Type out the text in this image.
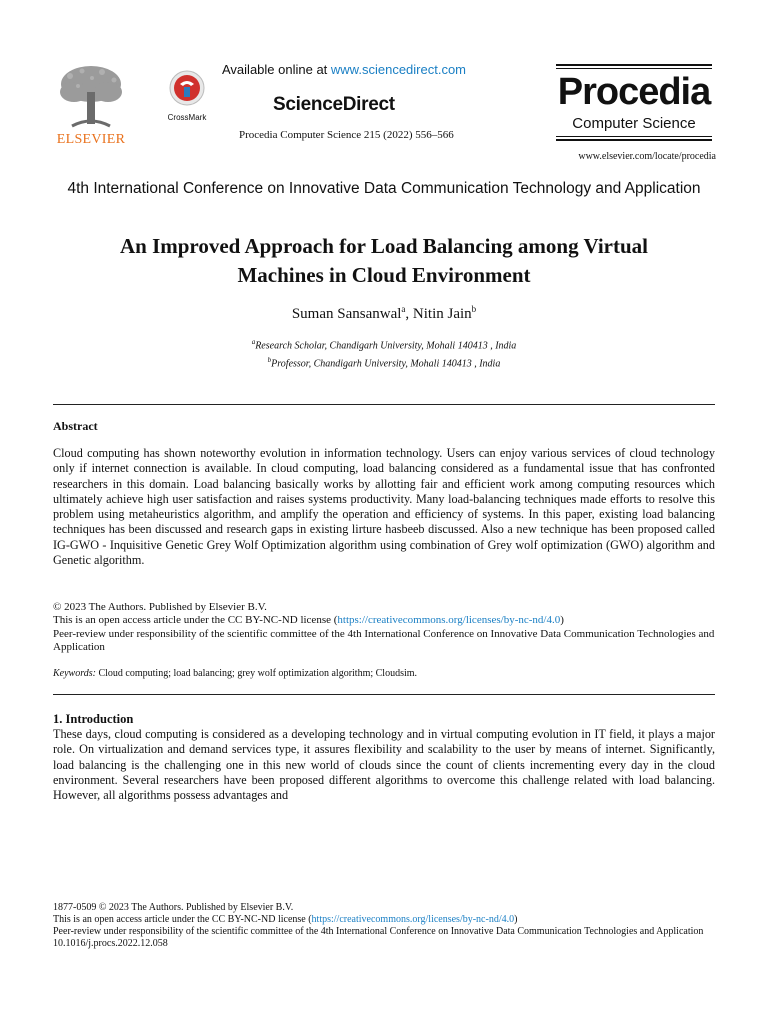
ELSEVIER
CrossMark
Available online at www.sciencedirect.com
ScienceDirect
Procedia Computer Science 215 (2022) 556–566
Procedia
Computer Science
www.elsevier.com/locate/procedia
4th International Conference on Innovative Data Communication Technology and Application
An Improved Approach for Load Balancing among Virtual
Machines in Cloud Environment
Suman Sansanwal$^a$, Nitin Jain$^b$
$^a$Research Scholar, Chandigarh University, Mohali 140413 , India
$^b$Professor, Chandigarh University, Mohali 140413 , India
Abstract

Cloud computing has shown noteworthy evolution in information technology. Users can enjoy various services of cloud technology only if internet connection is available. In cloud computing, load balancing considered as a fundamental issue that has confronted researchers in this domain. Load balancing basically works by allotting fair and efficient work among computing resources which ultimately achieve high user satisfaction and raises systems productivity. Many load-balancing techniques made efforts to resolve this problem using metaheuristics algorithm, and amplify the operation and efficiency of systems. In this paper, existing load balancing techniques has been discussed and research gaps in existing lirture hasbeeb discussed. Also a new technique has been proposed called IG-GWO - Inquisitive Genetic Grey Wolf Optimization algorithm using combination of Grey wolf optimization (GWO) algorithm and Genetic algorithm.

© 2023 The Authors. Published by Elsevier B.V.
This is an open access article under the CC BY-NC-ND license (https://creativecommons.org/licenses/by-nc-nd/4.0)
Peer-review under responsibility of the scientific committee of the 4th International Conference on Innovative Data Communication Technologies and Application
Keywords: Cloud computing; load balancing; grey wolf optimization algorithm; Cloudsim.
1. Introduction

These days, cloud computing is considered as a developing technology and in virtual computing evolution in IT field, it plays a major role. On virtualization and demand services type, it assures flexibility and scalability to the user by means of internet. Significantly, load balancing is the challenging one in this new world of clouds since the count of clients incrementing every day in the cloud environment. Several researchers have been proposed different algorithms to overcome this challenge related with load balancing. However, all algorithms possess advantages and

1877-0509 © 2023 The Authors. Published by Elsevier B.V.
This is an open access article under the CC BY-NC-ND license (https://creativecommons.org/licenses/by-nc-nd/4.0)
Peer-review under responsibility of the scientific committee of the 4th International Conference on Innovative Data Communication Technologies and Application
10.1016/j.procs.2022.12.058
